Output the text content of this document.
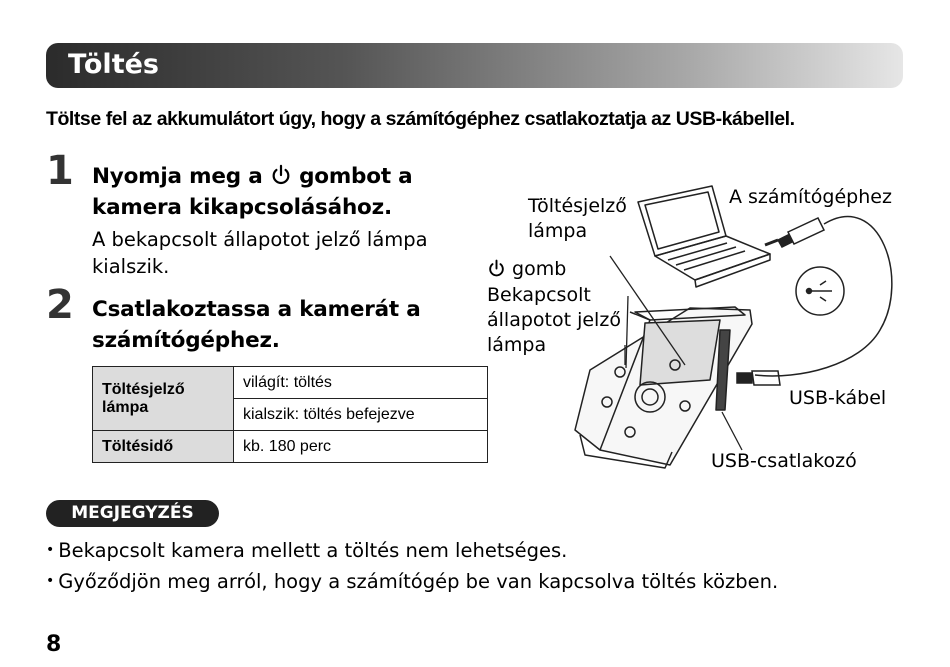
Töltés
Töltse fel az akkumulátort úgy, hogy a számítógéphez csatlakoztatja az USB-kábellel.
1 Nyomja meg a  gombot a
kamera kikapcsolásához.
A bekapcsolt állapotot jelző lámpa
kialszik.
2 Csatlakoztassa a kamerát a
számítógéphez.
Töltésjelző lámpa	világít: töltés
	kialszik: töltés befejezve
Töltésidő	kb. 180 perc
Töltésjelző
lámpa
A számítógéphez
gomb
Bekapcsolt
állapotot jelző
lámpa
USB-kábel
USB-csatlakozó
MEGJEGYZÉS
• Bekapcsolt kamera mellett a töltés nem lehetséges.
• Győződjön meg arról, hogy a számítógép be van kapcsolva töltés közben.
8
